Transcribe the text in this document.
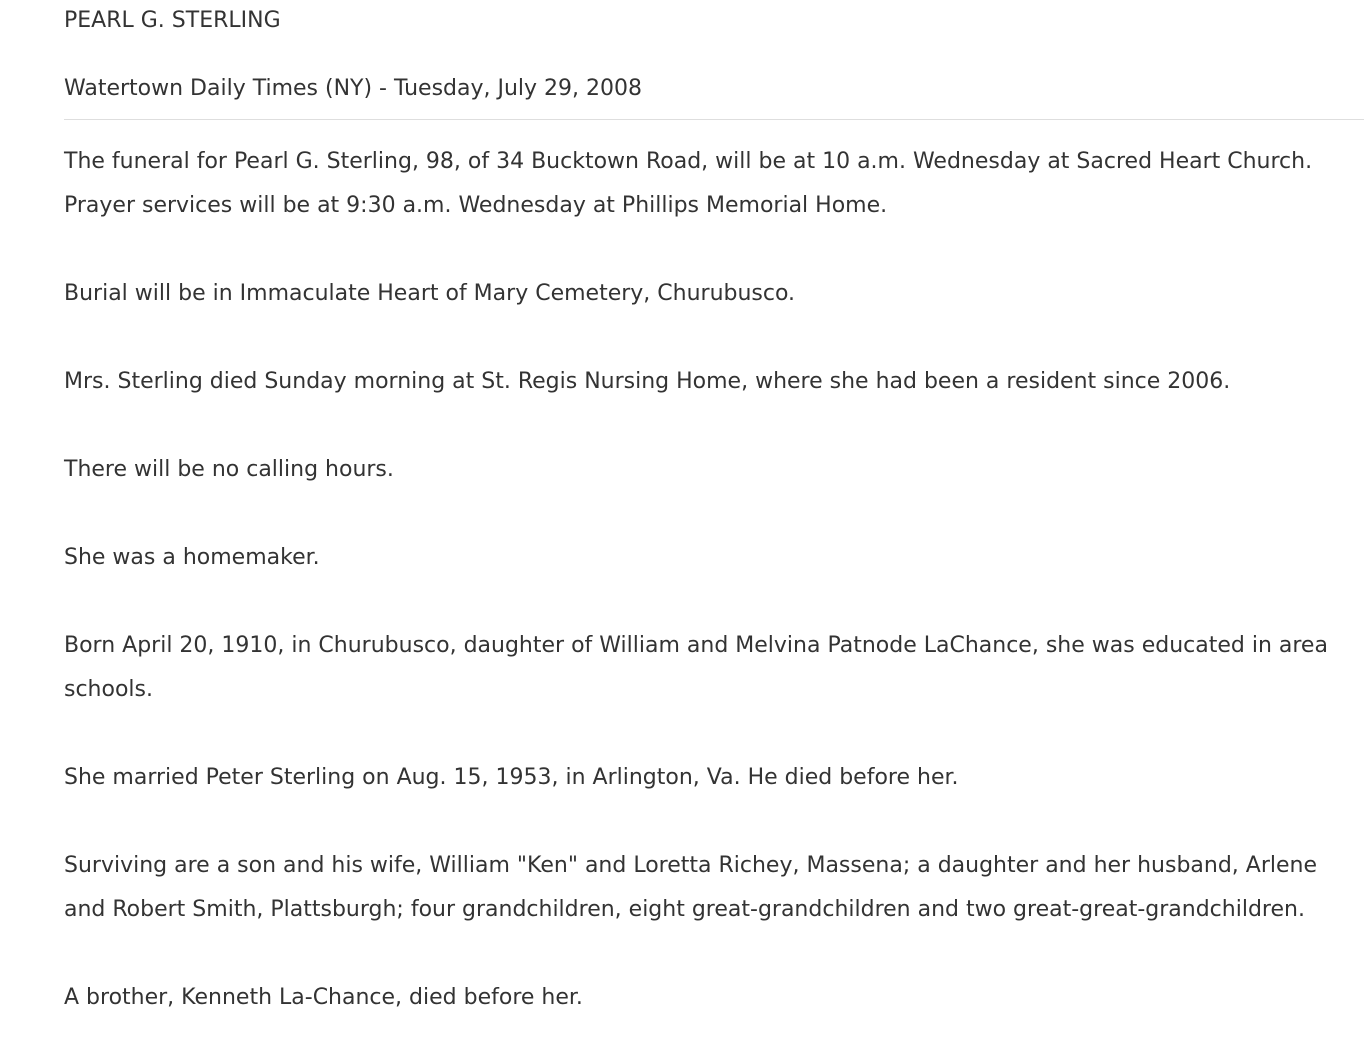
PEARL G. STERLING
Watertown Daily Times (NY) - Tuesday, July 29, 2008

The funeral for Pearl G. Sterling, 98, of 34 Bucktown Road, will be at 10 a.m. Wednesday at Sacred Heart Church. Prayer services will be at 9:30 a.m. Wednesday at Phillips Memorial Home.

Burial will be in Immaculate Heart of Mary Cemetery, Churubusco.

Mrs. Sterling died Sunday morning at St. Regis Nursing Home, where she had been a resident since 2006.

There will be no calling hours.

She was a homemaker.

Born April 20, 1910, in Churubusco, daughter of William and Melvina Patnode LaChance, she was educated in area schools.

She married Peter Sterling on Aug. 15, 1953, in Arlington, Va. He died before her.

Surviving are a son and his wife, William "Ken" and Loretta Richey, Massena; a daughter and her husband, Arlene and Robert Smith, Plattsburgh; four grandchildren, eight great-grandchildren and two great-great-grandchildren.

A brother, Kenneth La-Chance, died before her.
